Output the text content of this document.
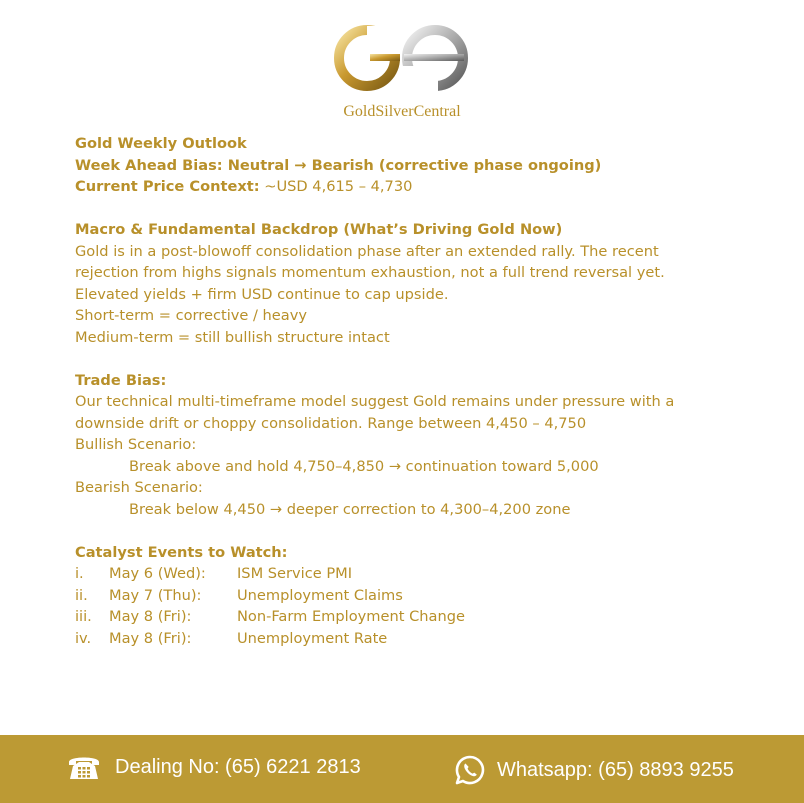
GoldSilverCentral
Gold Weekly Outlook
Week Ahead Bias: Neutral → Bearish (corrective phase ongoing)
Current Price Context: ~USD 4,615 – 4,730
Macro & Fundamental Backdrop (What’s Driving Gold Now)
Gold is in a post-blowoff consolidation phase after an extended rally. The recent
rejection from highs signals momentum exhaustion, not a full trend reversal yet.
Elevated yields + firm USD continue to cap upside.
Short-term = corrective / heavy
Medium-term = still bullish structure intact
Trade Bias:
Our technical multi-timeframe model suggest Gold remains under pressure with a
downside drift or choppy consolidation. Range between 4,450 – 4,750
Bullish Scenario:
Break above and hold 4,750–4,850 → continuation toward 5,000
Bearish Scenario:
Break below 4,450 → deeper correction to 4,300–4,200 zone
Catalyst Events to Watch:
i.	May 6 (Wed):	ISM Service PMI
ii.	May 7 (Thu):	Unemployment Claims
iii.	May 8 (Fri):	Non-Farm Employment Change
iv.	May 8 (Fri):	Unemployment Rate
Dealing No: (65) 6221 2813	Whatsapp: (65) 8893 9255
